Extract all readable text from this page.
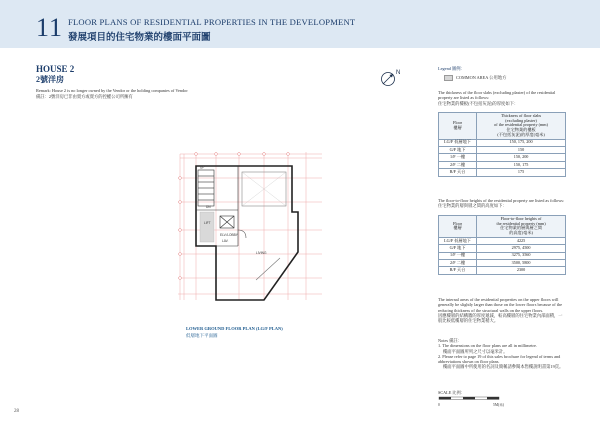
11 FLOOR PLANS OF RESIDENTIAL PROPERTIES IN THE DEVELOPMENT
發展項目的住宅物業的樓面平面圖
HOUSE 2
2號洋房
Remark: House 2 is no longer owned by the Vendor or the holding companies of Vendor
備註：2號洋房已非由賣方或賣方的控權公司所擁有
N
ELV./LOBBY
LAV.
LIFT
LIVING
UP
DN
LOWER GROUND FLOOR PLAN (LG/F PLAN)
低層地下平面圖
28
Legend 圖例：
COMMON AREA 公用地方
The thickness of the floor slabs (excluding plaster) of the residential property are listed as follows:
住宅物業的樓板(不包括灰泥)的厚度如下：
Floor
樓層	Thickness of floor slabs
(excluding plaster)
of the residential property (mm)
住宅物業的樓板
(不包括灰泥)的厚度(毫米)
LG/F 低層地下	150, 175, 200
G/F 地下	150
1/F 一樓	150, 200
2/F 二樓	150, 175
R/F 天台	175
The floor-to-floor heights of the residential property are listed as follows:
住宅物業的層與層之間的高度如下：
Floor
樓層	Floor-to-floor heights of
the residential property (mm)
住宅物業的層與層之間
的高度(毫米)
LG/F 低層地下	4225
G/F 地下	2975, 4500
1/F 一樓	3275, 3560
2/F 二樓	3500, 5800
R/F 天台	2300
The internal areas of the residential properties on the upper floors will generally be slightly larger than those on the lower floors because of the reducing thickness of the structural walls on the upper floors.
因應樓層的結構牆的厚度遞減，較高樓層的住宅物業內部面積，一般比較低樓層的住宅物業稍大。
Notes 備註：
1. The dimensions on the floor plans are all in millimetre.
樓面平面圖所列之尺寸以毫米計。
2. Please refer to page 19 of this sales brochure for legend of terms and abbreviations shown on floor plans.
樓面平面圖中所使用的名詞及簡稱請參閱本售樓說明書第19頁。
SCALE 比例：
0	5M(米)
